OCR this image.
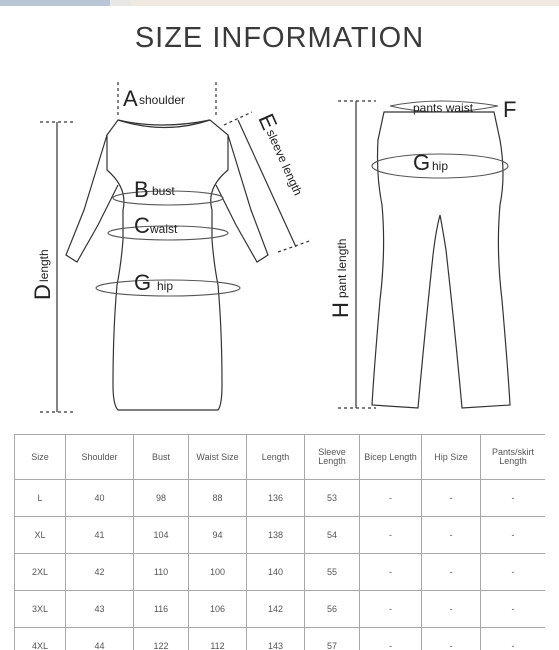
SIZE INFORMATION
A shoulder
B bust
C waist
G hip
D
length
E
sleeve length
pants waist F
G hip
H
pant length
Size	Shoulder	Bust	Waist Size	Length	Sleeve Length	Bicep Length	Hip Size	Pants/skirt Length
L	40	98	88	136	53	-	-	-
XL	41	104	94	138	54	-	-	-
2XL	42	110	100	140	55	-	-	-
3XL	43	116	106	142	56	-	-	-
4XL	44	122	112	143	57	-	-	-
